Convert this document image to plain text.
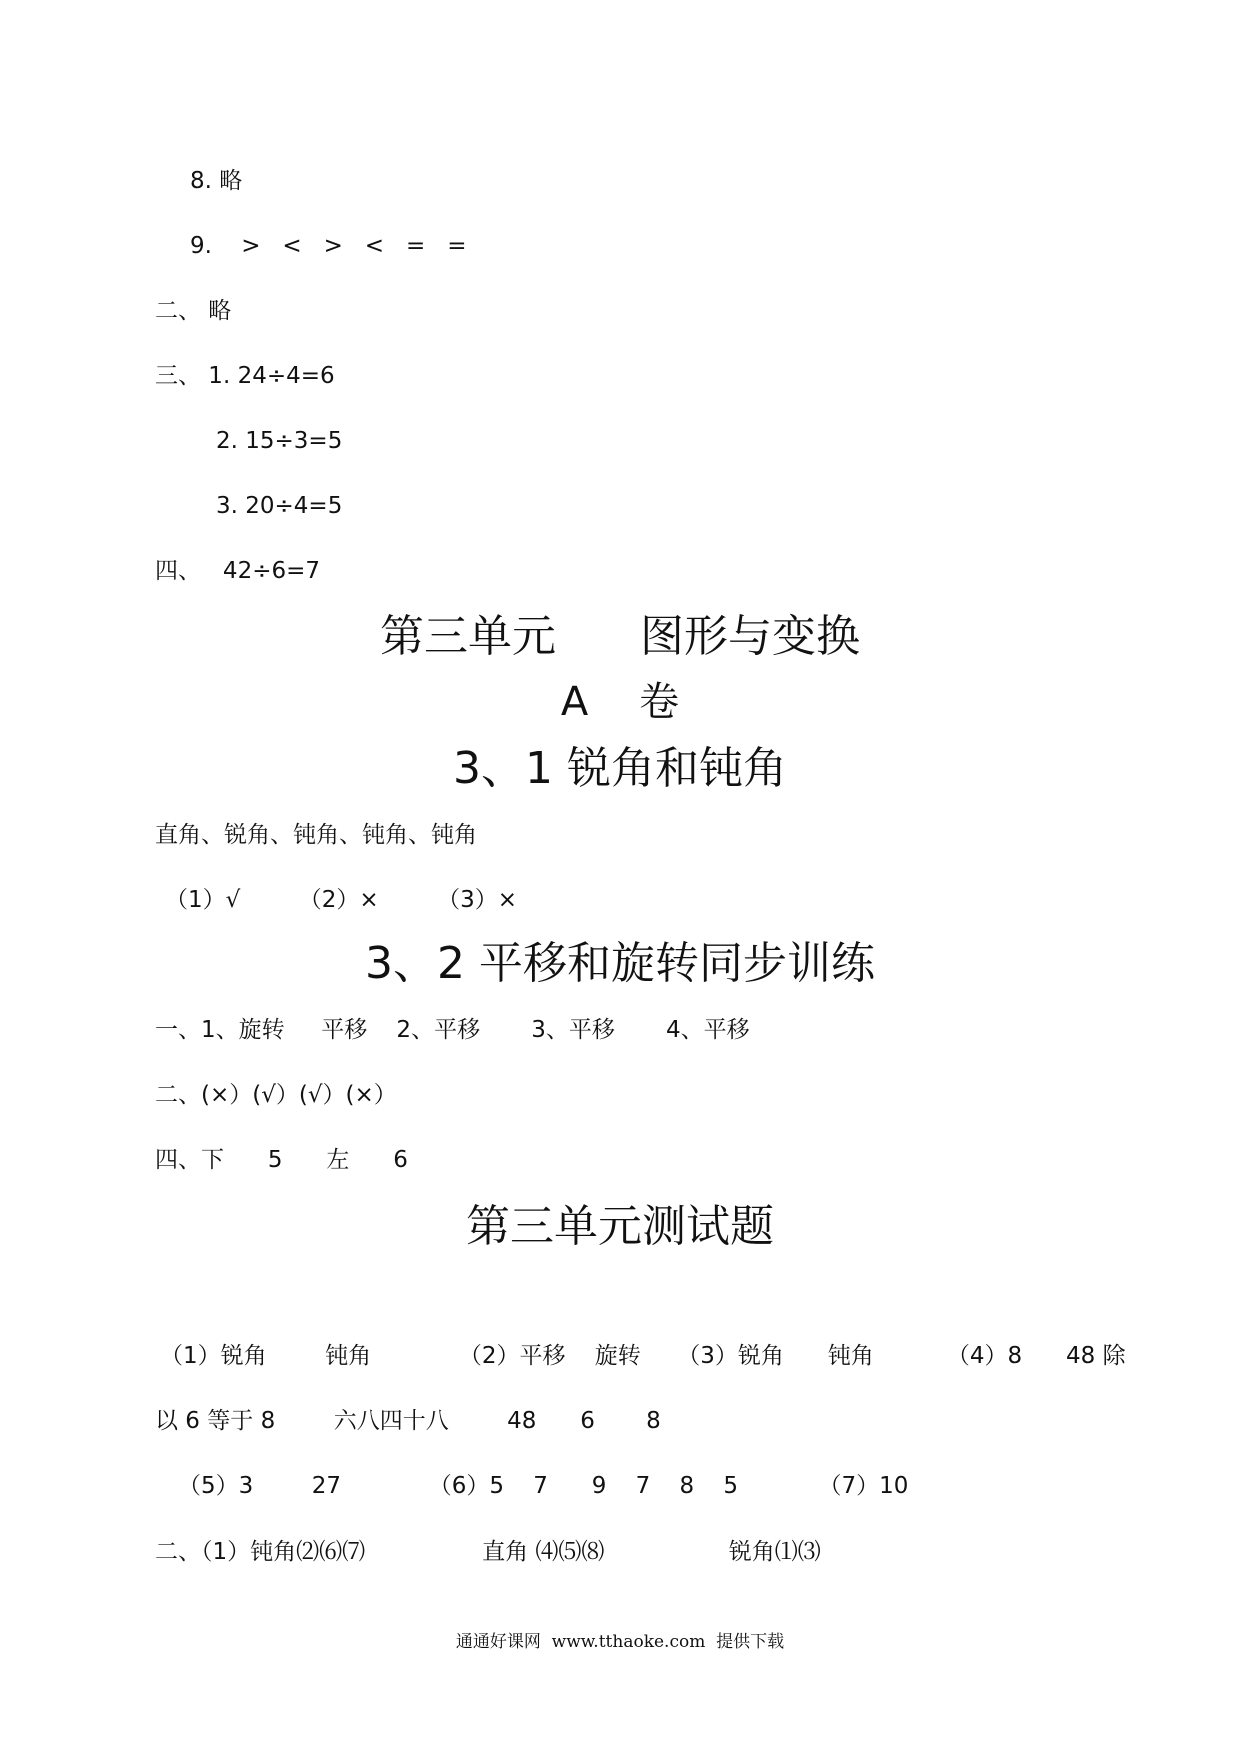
8. 略
9.    >   <   >   <   =   =
二、 略
三、 1. 24÷4=6
2. 15÷3=5
3. 20÷4=5
四、   42÷6=7
第三单元      图形与变换
A    卷
3、1 锐角和钝角
直角、锐角、钝角、钝角、钝角
（1）√        （2）×        （3）×
3、2 平移和旋转同步训练
一、1、旋转     平移    2、平移       3、平移       4、平移
二、(×）(√）(√）(×）
四、下      5      左      6
第三单元测试题
（1）锐角        钝角            （2）平移    旋转     （3）锐角      钝角          （4）8      48 除
以 6 等于 8        六八四十八        48      6       8
（5）3        27            （6）5    7      9    7    8    5           （7）10
二、（1）钝角⑵⑹⑺                直角 ⑷⑸⑻                 锐角⑴⑶
通通好课网  www.tthaoke.com  提供下载
